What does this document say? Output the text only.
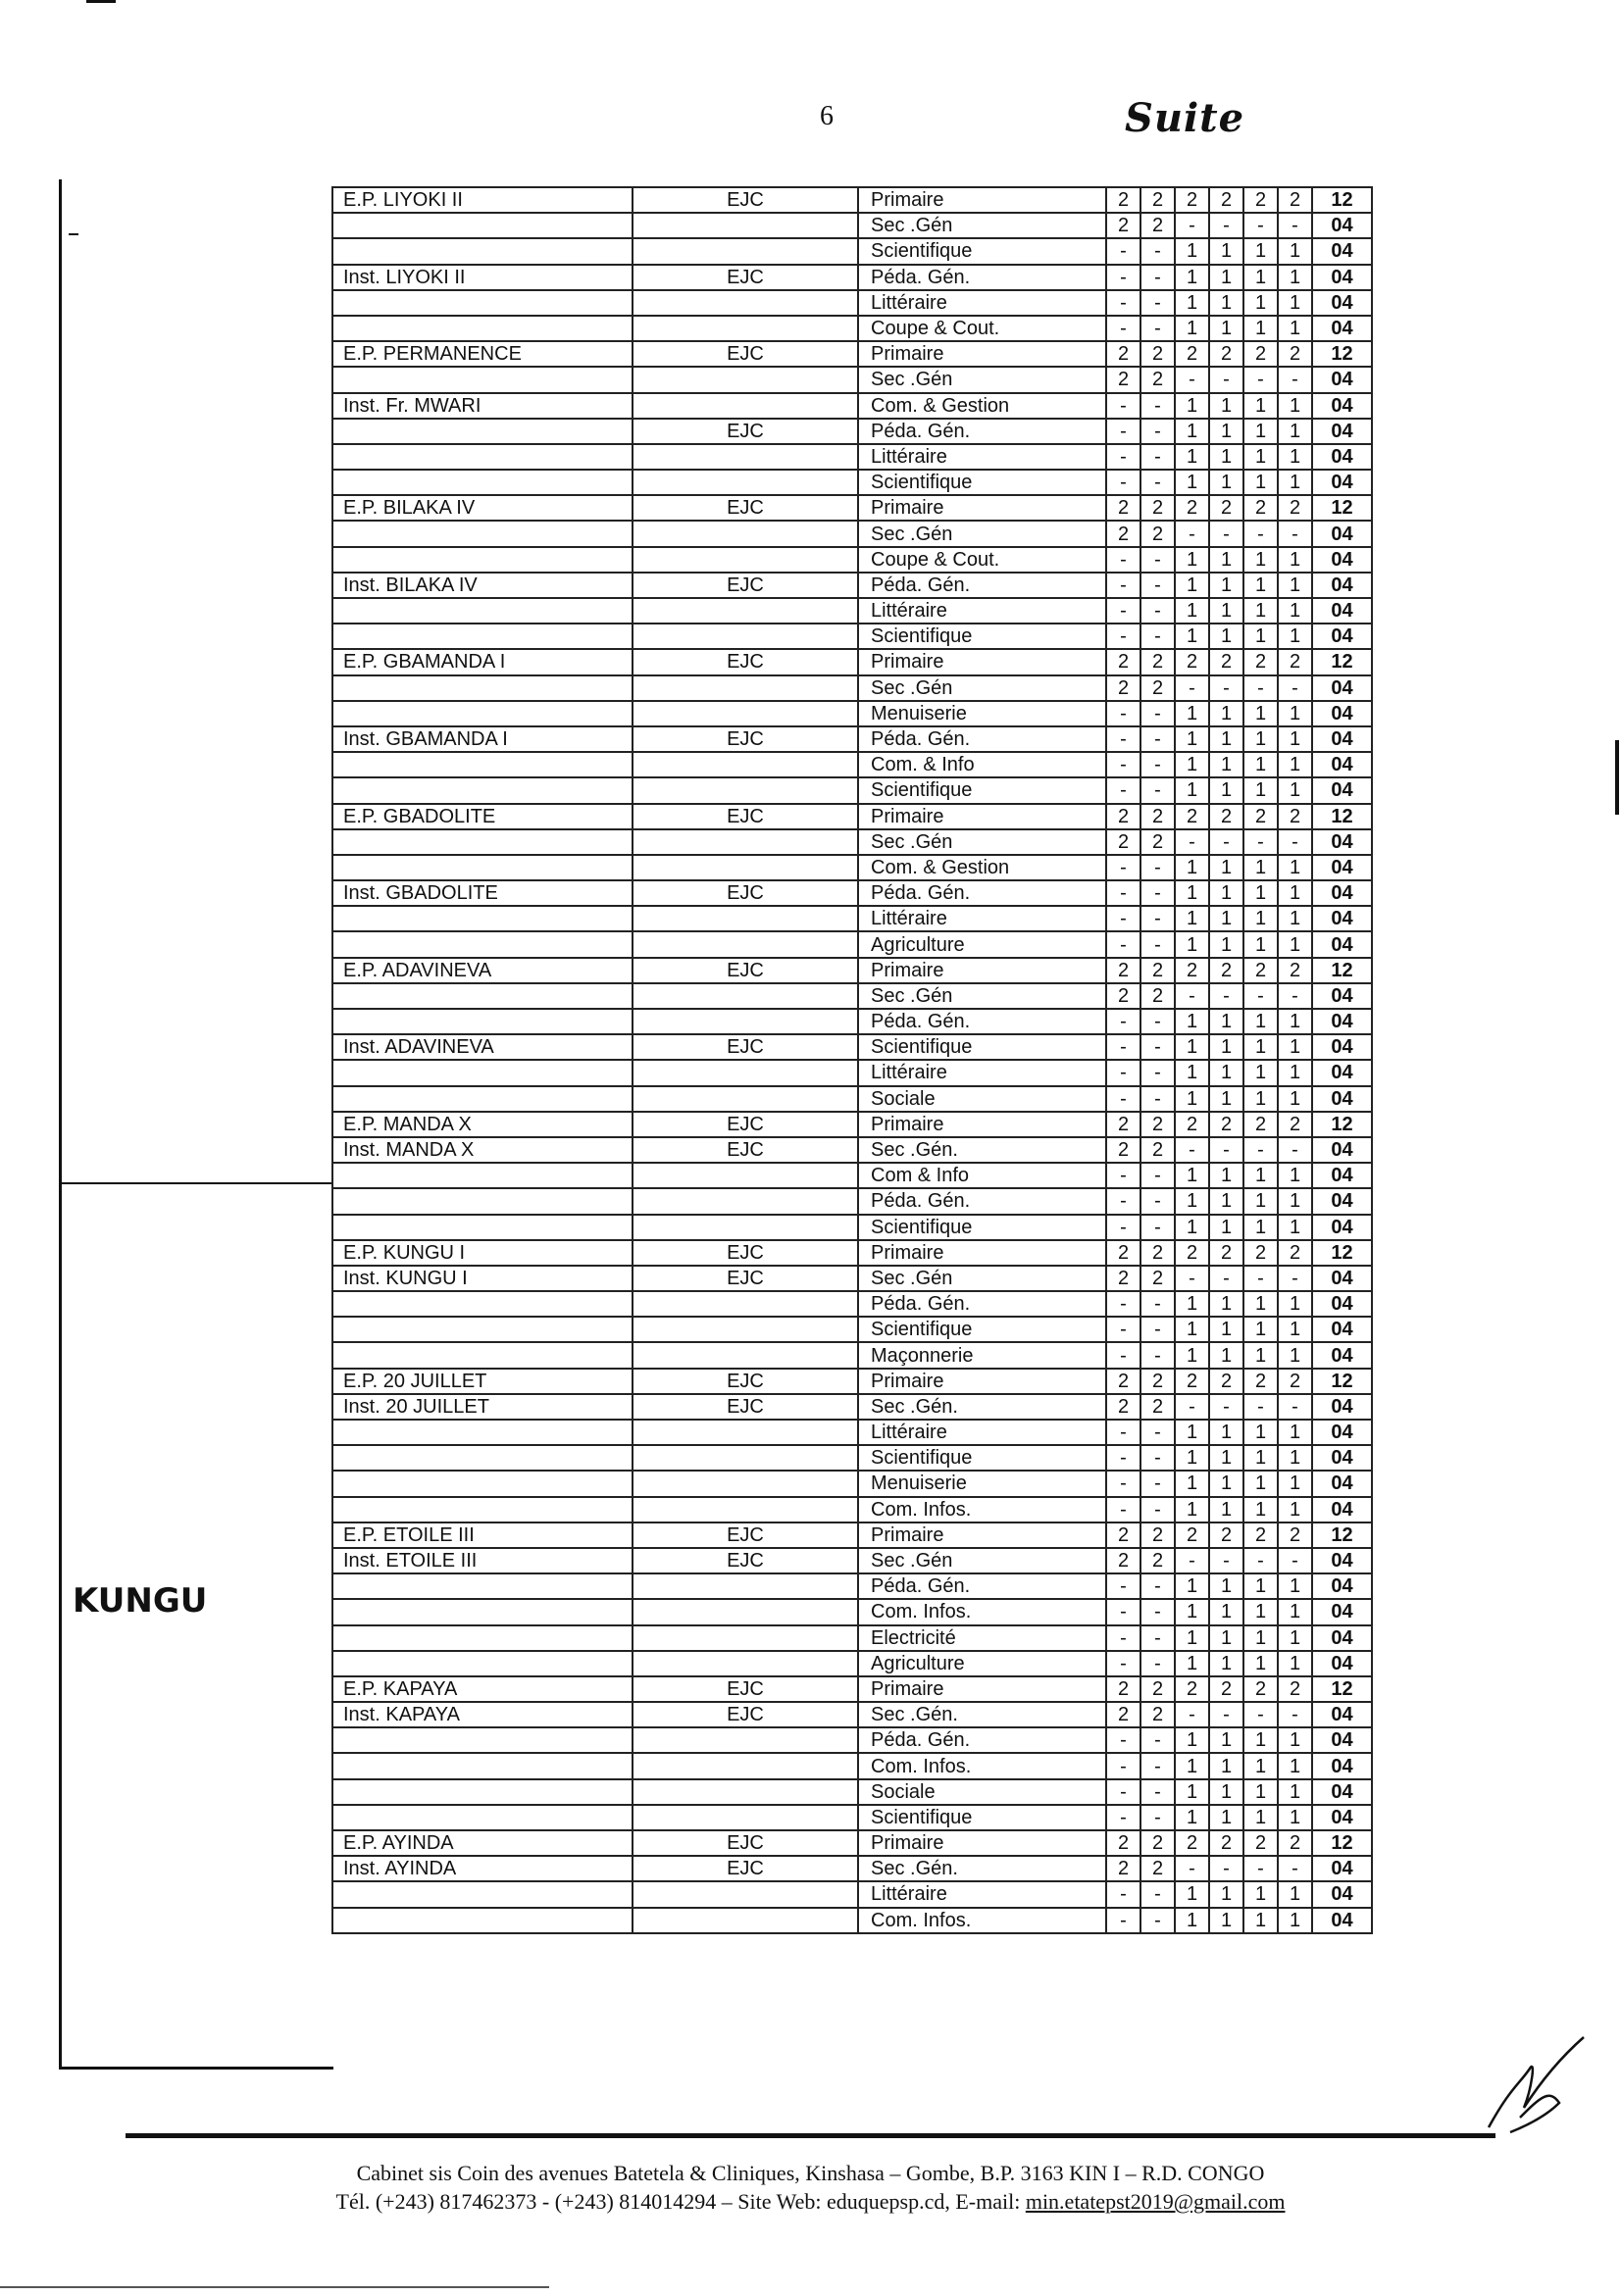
6	Suite
KUNGU
E.P. LIYOKI II	EJC	Primaire	2	2	2	2	2	2	12
		Sec .Gén	2	2	-	-	-	-	04
		Scientifique	-	-	1	1	1	1	04
Inst. LIYOKI II	EJC	Péda. Gén.	-	-	1	1	1	1	04
		Littéraire	-	-	1	1	1	1	04
		Coupe & Cout.	-	-	1	1	1	1	04
E.P. PERMANENCE	EJC	Primaire	2	2	2	2	2	2	12
		Sec .Gén	2	2	-	-	-	-	04
Inst. Fr. MWARI		Com. & Gestion	-	-	1	1	1	1	04
	EJC	Péda. Gén.	-	-	1	1	1	1	04
		Littéraire	-	-	1	1	1	1	04
		Scientifique	-	-	1	1	1	1	04
E.P. BILAKA IV	EJC	Primaire	2	2	2	2	2	2	12
		Sec .Gén	2	2	-	-	-	-	04
		Coupe & Cout.	-	-	1	1	1	1	04
Inst. BILAKA IV	EJC	Péda. Gén.	-	-	1	1	1	1	04
		Littéraire	-	-	1	1	1	1	04
		Scientifique	-	-	1	1	1	1	04
E.P. GBAMANDA I	EJC	Primaire	2	2	2	2	2	2	12
		Sec .Gén	2	2	-	-	-	-	04
		Menuiserie	-	-	1	1	1	1	04
Inst. GBAMANDA I	EJC	Péda. Gén.	-	-	1	1	1	1	04
		Com. & Info	-	-	1	1	1	1	04
		Scientifique	-	-	1	1	1	1	04
E.P. GBADOLITE	EJC	Primaire	2	2	2	2	2	2	12
		Sec .Gén	2	2	-	-	-	-	04
		Com. & Gestion	-	-	1	1	1	1	04
Inst. GBADOLITE	EJC	Péda. Gén.	-	-	1	1	1	1	04
		Littéraire	-	-	1	1	1	1	04
		Agriculture	-	-	1	1	1	1	04
E.P. ADAVINEVA	EJC	Primaire	2	2	2	2	2	2	12
		Sec .Gén	2	2	-	-	-	-	04
		Péda. Gén.	-	-	1	1	1	1	04
Inst. ADAVINEVA	EJC	Scientifique	-	-	1	1	1	1	04
		Littéraire	-	-	1	1	1	1	04
		Sociale	-	-	1	1	1	1	04
E.P. MANDA X	EJC	Primaire	2	2	2	2	2	2	12
Inst. MANDA X	EJC	Sec .Gén.	2	2	-	-	-	-	04
		Com & Info	-	-	1	1	1	1	04
		Péda. Gén.	-	-	1	1	1	1	04
		Scientifique	-	-	1	1	1	1	04
E.P. KUNGU I	EJC	Primaire	2	2	2	2	2	2	12
Inst. KUNGU I	EJC	Sec .Gén	2	2	-	-	-	-	04
		Péda. Gén.	-	-	1	1	1	1	04
		Scientifique	-	-	1	1	1	1	04
		Maçonnerie	-	-	1	1	1	1	04
E.P. 20 JUILLET	EJC	Primaire	2	2	2	2	2	2	12
Inst. 20 JUILLET	EJC	Sec .Gén.	2	2	-	-	-	-	04
		Littéraire	-	-	1	1	1	1	04
		Scientifique	-	-	1	1	1	1	04
		Menuiserie	-	-	1	1	1	1	04
		Com. Infos.	-	-	1	1	1	1	04
E.P. ETOILE III	EJC	Primaire	2	2	2	2	2	2	12
Inst. ETOILE III	EJC	Sec .Gén	2	2	-	-	-	-	04
		Péda. Gén.	-	-	1	1	1	1	04
		Com. Infos.	-	-	1	1	1	1	04
		Electricité	-	-	1	1	1	1	04
		Agriculture	-	-	1	1	1	1	04
E.P. KAPAYA	EJC	Primaire	2	2	2	2	2	2	12
Inst. KAPAYA	EJC	Sec .Gén.	2	2	-	-	-	-	04
		Péda. Gén.	-	-	1	1	1	1	04
		Com. Infos.	-	-	1	1	1	1	04
		Sociale	-	-	1	1	1	1	04
		Scientifique	-	-	1	1	1	1	04
E.P. AYINDA	EJC	Primaire	2	2	2	2	2	2	12
Inst. AYINDA	EJC	Sec .Gén.	2	2	-	-	-	-	04
		Littéraire	-	-	1	1	1	1	04
		Com. Infos.	-	-	1	1	1	1	04
Cabinet sis Coin des avenues Batetela & Cliniques, Kinshasa – Gombe, B.P. 3163 KIN I – R.D. CONGO
Tél. (+243) 817462373 - (+243) 814014294 – Site Web: eduquepsp.cd, E-mail: min.etatepst2019@gmail.com
